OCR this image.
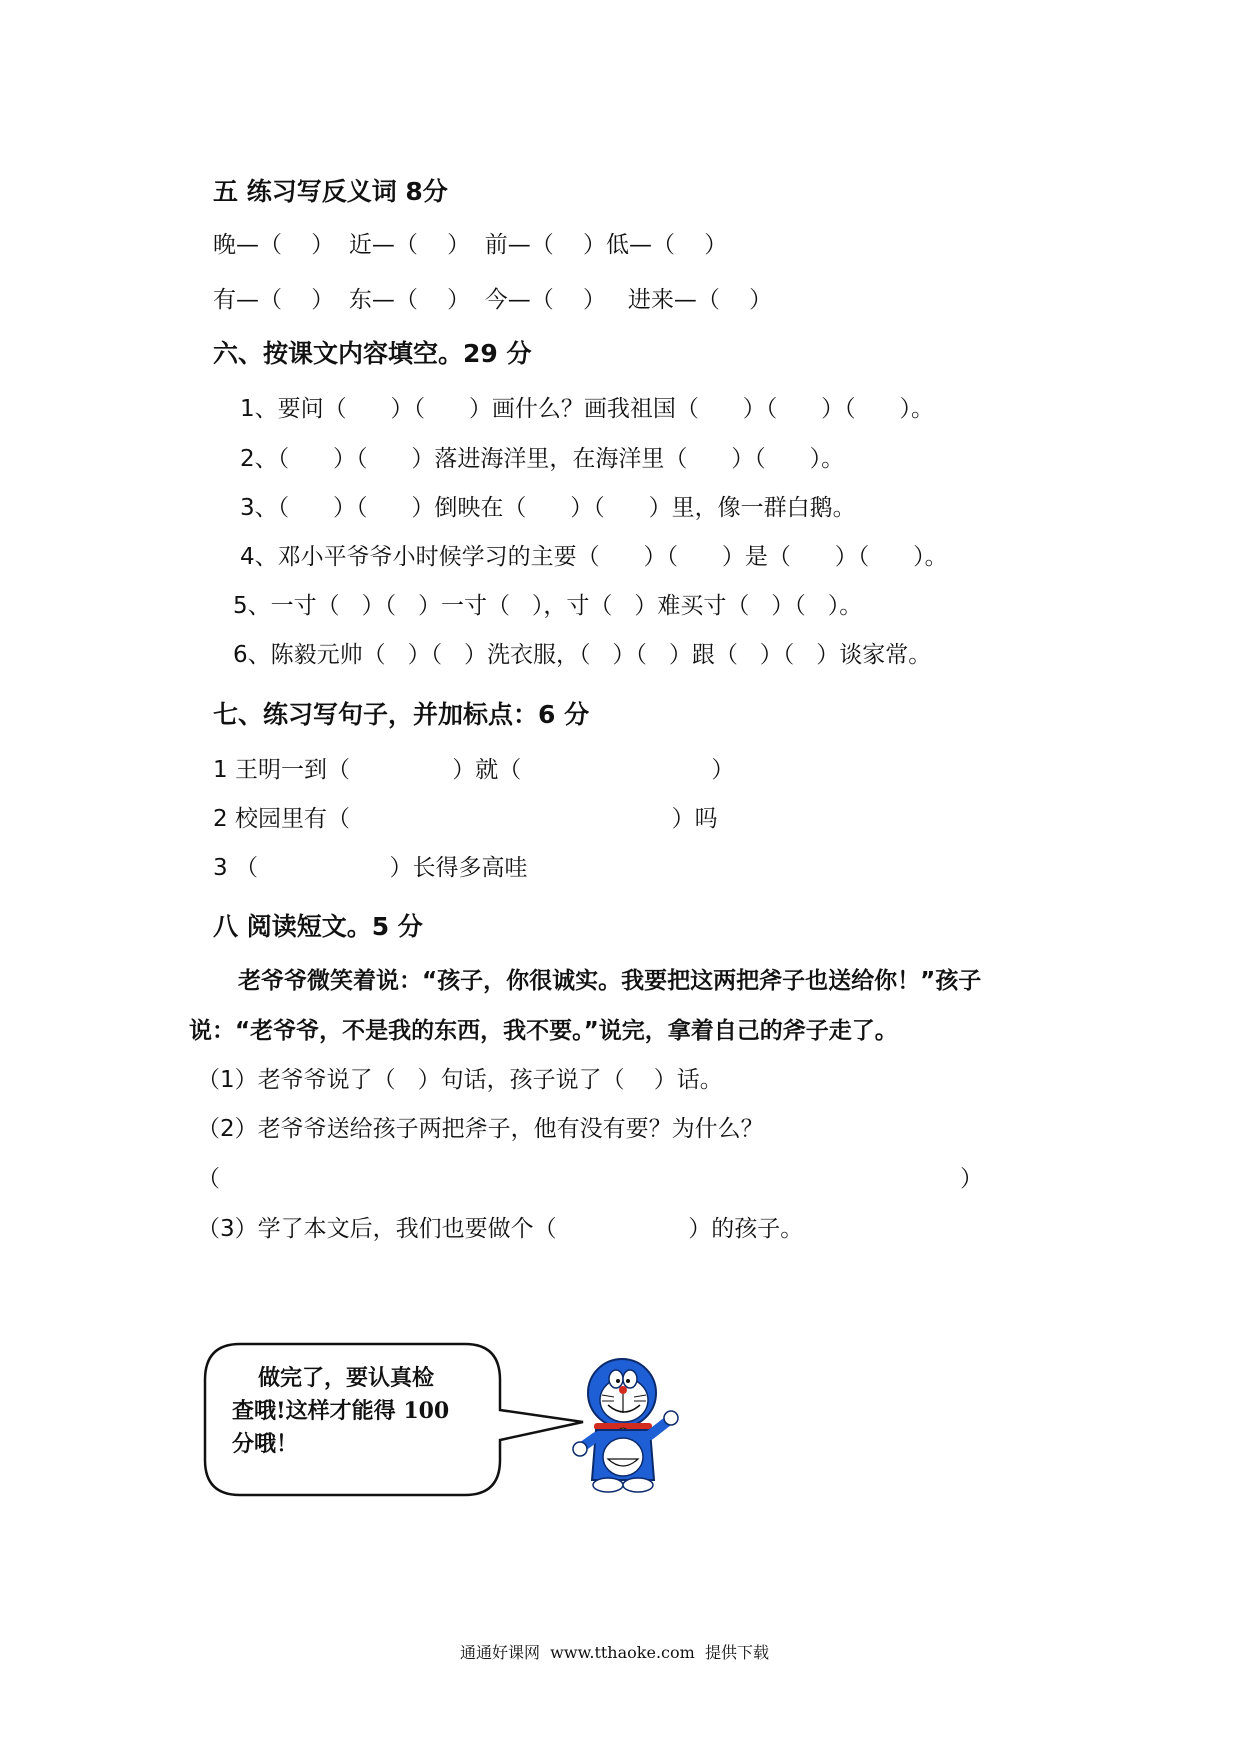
五 练习写反义词 8分
晚—（    ）  近—（    ）  前—（    ）低—（    ）
有—（    ）  东—（    ）  今—（    ）   进来—（    ）
六、按课文内容填空。29 分
1、要问（      ）（      ）画什么？画我祖国（      ）（      ）（      ）。
2、（      ）（      ）落进海洋里，在海洋里（      ）（      ）。
3、（      ）（      ）倒映在（      ）（      ）里，像一群白鹅。
4、邓小平爷爷小时候学习的主要（      ）（      ）是（      ）（      ）。
5、一寸（   ）（   ）一寸（   ），寸（   ）难买寸（   ）（   ）。
6、陈毅元帅（   ）（   ）洗衣服，（   ）（   ）跟（   ）（   ）谈家常。
七、练习写句子，并加标点：6 分
1 王明一到（              ）就（                          ）
2 校园里有（                                            ）吗
3 （                  ）长得多高哇
八 阅读短文。5 分
老爷爷微笑着说：“孩子，你很诚实。我要把这两把斧子也送给你！”孩子
说：“老爷爷，不是我的东西，我不要。”说完，拿着自己的斧子走了。
（1）老爷爷说了（   ）句话，孩子说了（    ）话。
（2）老爷爷送给孩子两把斧子，他有没有要？为什么？
（	）
（3）学了本文后，我们也要做个（                  ）的孩子。
做完了，要认真检
查哦!这样才能得 100
分哦！
通通好课网  www.tthaoke.com  提供下载
